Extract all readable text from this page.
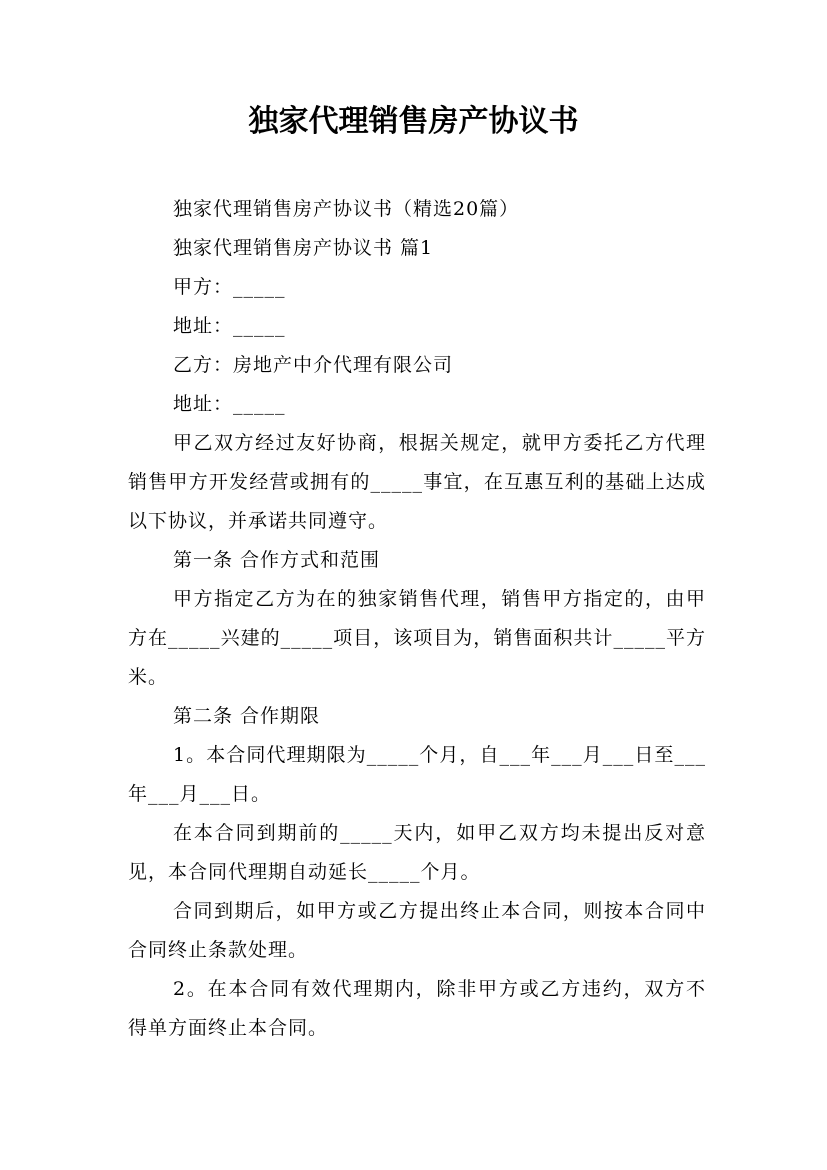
独家代理销售房产协议书

独家代理销售房产协议书（精选20篇）

独家代理销售房产协议书 篇1

甲方：_____

地址：_____

乙方：房地产中介代理有限公司

地址：_____

甲乙双方经过友好协商，根据关规定，就甲方委托乙方代理销售甲方开发经营或拥有的_____事宜，在互惠互利的基础上达成以下协议，并承诺共同遵守。

第一条 合作方式和范围

甲方指定乙方为在的独家销售代理，销售甲方指定的，由甲方在_____兴建的_____项目，该项目为，销售面积共计_____平方米。

第二条 合作期限

1。本合同代理期限为_____个月，自___年___月___日至___年___月___日。

在本合同到期前的_____天内，如甲乙双方均未提出反对意见，本合同代理期自动延长_____个月。

合同到期后，如甲方或乙方提出终止本合同，则按本合同中合同终止条款处理。

2。在本合同有效代理期内，除非甲方或乙方违约，双方不得单方面终止本合同。
